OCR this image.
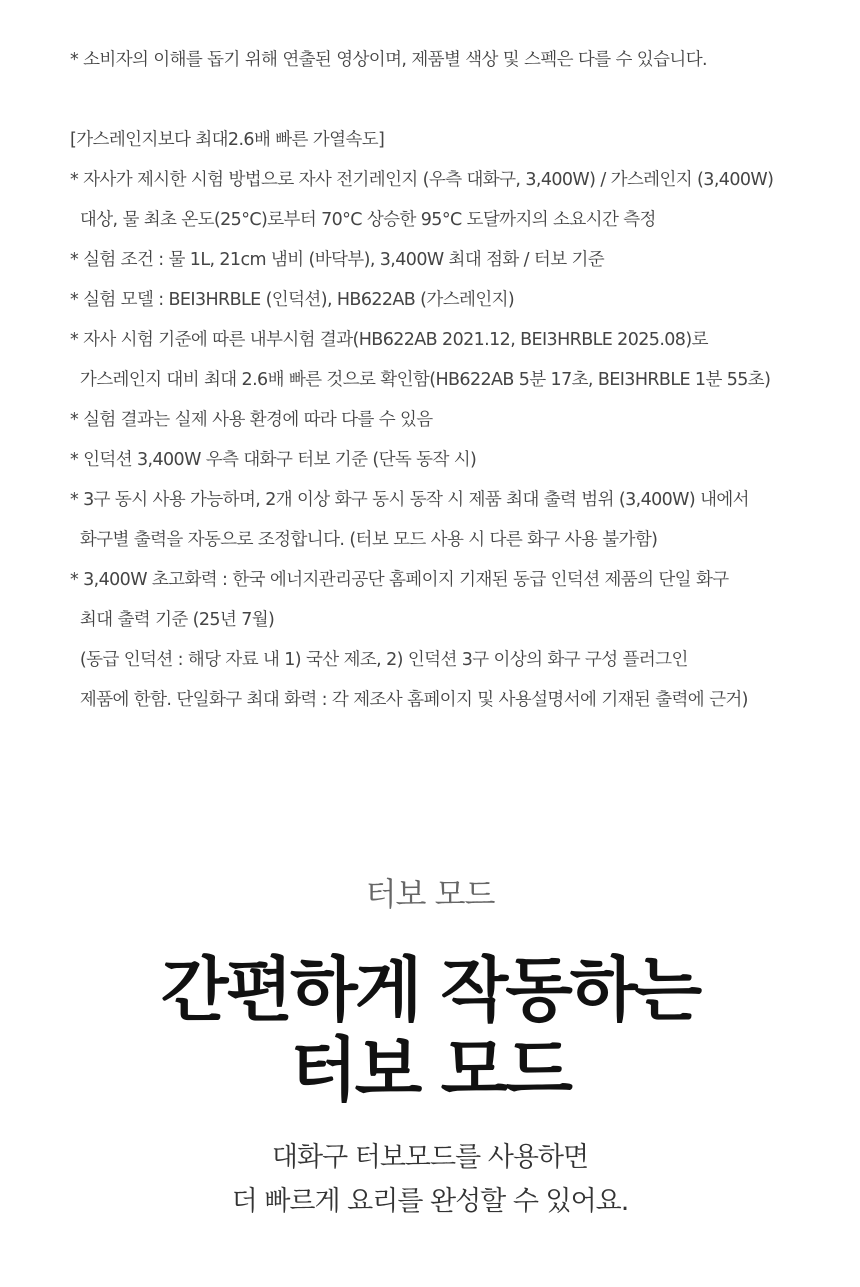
* 소비자의 이해를 돕기 위해 연출된 영상이며, 제품별 색상 및 스펙은 다를 수 있습니다.
[가스레인지보다 최대2.6배 빠른 가열속도]
* 자사가 제시한 시험 방법으로 자사 전기레인지 (우측 대화구, 3,400W) / 가스레인지 (3,400W)
대상, 물 최초 온도(25°C)로부터 70°C 상승한 95°C 도달까지의 소요시간 측정
* 실험 조건 : 물 1L, 21cm 냄비 (바닥부), 3,400W 최대 점화 / 터보 기준
* 실험 모델 : BEI3HRBLE (인덕션), HB622AB (가스레인지)
* 자사 시험 기준에 따른 내부시험 결과(HB622AB 2021.12, BEI3HRBLE 2025.08)로
가스레인지 대비 최대 2.6배 빠른 것으로 확인함(HB622AB 5분 17초, BEI3HRBLE 1분 55초)
* 실험 결과는 실제 사용 환경에 따라 다를 수 있음
* 인덕션 3,400W 우측 대화구 터보 기준 (단독 동작 시)
* 3구 동시 사용 가능하며, 2개 이상 화구 동시 동작 시 제품 최대 출력 범위 (3,400W) 내에서
화구별 출력을 자동으로 조정합니다. (터보 모드 사용 시 다른 화구 사용 불가함)
* 3,400W 초고화력 : 한국 에너지관리공단 홈페이지 기재된 동급 인덕션 제품의 단일 화구
최대 출력 기준 (25년 7월)
(동급 인덕션 : 해당 자료 내 1) 국산 제조, 2) 인덕션 3구 이상의 화구 구성 플러그인
제품에 한함. 단일화구 최대 화력 : 각 제조사 홈페이지 및 사용설명서에 기재된 출력에 근거)
터보 모드
간편하게 작동하는
터보 모드
대화구 터보모드를 사용하면
더 빠르게 요리를 완성할 수 있어요.
